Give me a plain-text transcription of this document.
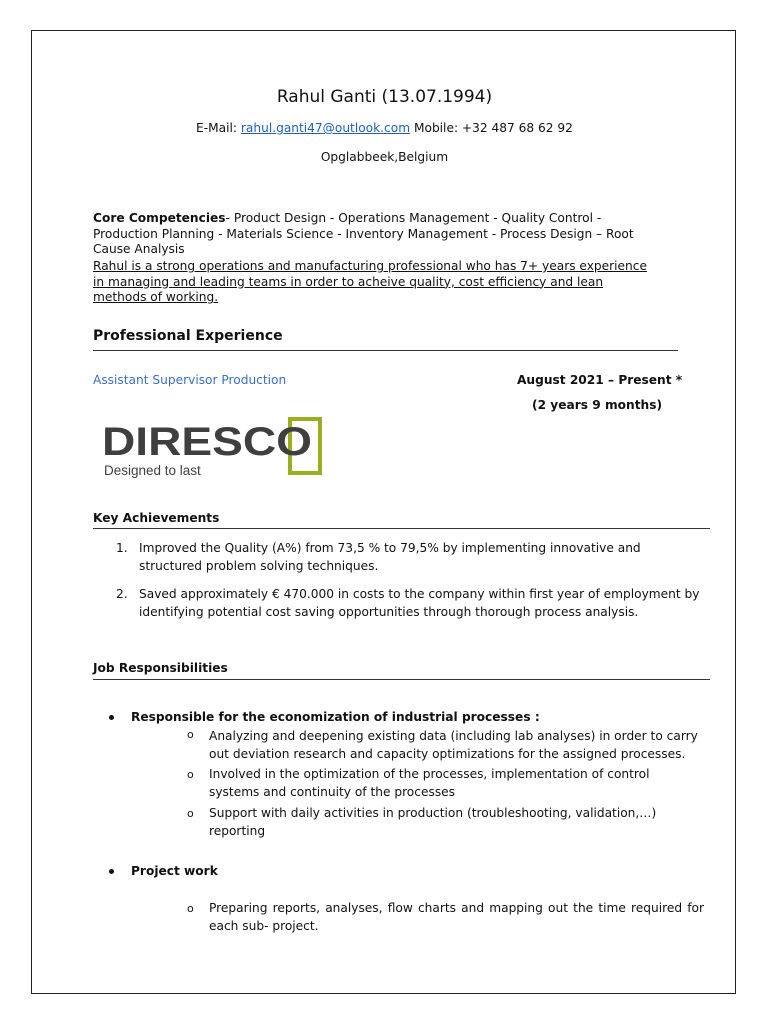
Rahul Ganti (13.07.1994)
E-Mail: rahul.ganti47@outlook.com Mobile: +32 487 68 62 92
Opglabbeek,Belgium
Core Competencies- Product Design - Operations Management - Quality Control - Production Planning - Materials Science - Inventory Management - Process Design – Root Cause Analysis
Rahul is a strong operations and manufacturing professional who has 7+ years experience in managing and leading teams in order to acheive quality, cost efficiency and lean methods of working.
Professional Experience
Assistant Supervisor Production	August 2021 – Present *
(2 years 9 months)
DIRESCO
Designed to last
Key Achievements
1. Improved the Quality (A%) from 73,5 % to 79,5% by implementing innovative and structured problem solving techniques.
2. Saved approximately € 470.000 in costs to the company within first year of employment by identifying potential cost saving opportunities through thorough process analysis.
Job Responsibilities
Responsible for the economization of industrial processes :
o Analyzing and deepening existing data (including lab analyses) in order to carry out deviation research and capacity optimizations for the assigned processes.
o Involved in the optimization of the processes, implementation of control systems and continuity of the processes
o Support with daily activities in production (troubleshooting, validation,…) reporting
Project work
o Preparing reports, analyses, flow charts and mapping out the time required for each sub- project.
